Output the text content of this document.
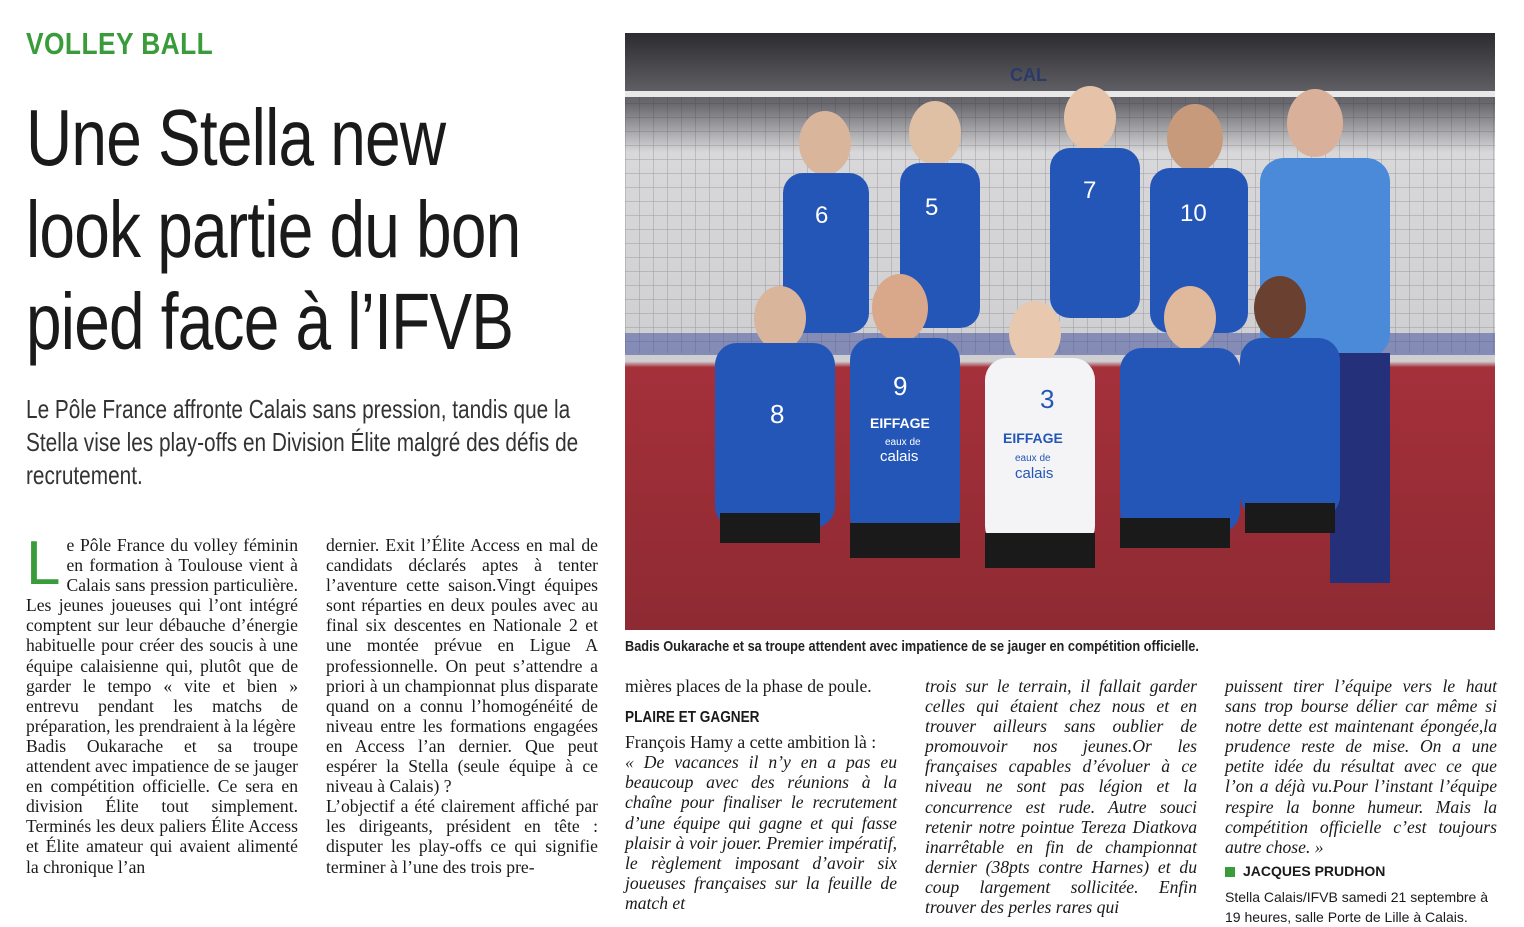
VOLLEY BALL
Une Stella new look partie du bon pied face à l’IFVB

Le Pôle France affronte Calais sans pression, tandis que la Stella vise les play-offs en Division Élite malgré des défis de recrutement.

L e Pôle France du volley féminin en formation à Toulouse vient à Calais sans pression particulière. Les jeunes joueuses qui l’ont intégré comptent sur leur débauche d’énergie habituelle pour créer des soucis à une équipe calaisienne qui, plutôt que de garder le tempo « vite et bien » entrevu pendant les matchs de préparation, les prendraient à la légère

Badis Oukarache et sa troupe attendent avec impatience de se jauger en compétition officielle. Ce sera en division Élite tout simplement. Terminés les deux paliers Élite Access et Élite amateur qui avaient alimenté la chronique l’an

dernier. Exit l’Élite Access en mal de candidats déclarés aptes à tenter l’aventure cette saison.Vingt équipes sont réparties en deux poules avec au final six descentes en Nationale 2 et une montée prévue en Ligue A professionnelle. On peut s’attendre a priori à un championnat plus disparate quand on a connu l’homogénéité de niveau entre les formations engagées en Access l’an dernier. Que peut espérer la Stella (seule équipe à ce niveau à Calais) ?

L’objectif a été clairement affiché par les dirigeants, président en tête : disputer les play-offs ce qui signifie terminer à l’une des trois pre-

CAL
6	5
7
10
8
9
EIFFAGE
eaux de
calais
3
EIFFAGE
eaux de
calais
Badis Oukarache et sa troupe attendent avec impatience de se jauger en compétition officielle.

mières places de la phase de poule.

PLAIRE ET GAGNER

François Hamy a cette ambition là :

« De vacances il n’y en a pas eu beaucoup avec des réunions à la chaîne pour finaliser le recrutement d’une équipe qui gagne et qui fasse plaisir à voir jouer. Premier impératif, le règlement imposant d’avoir six joueuses françaises sur la feuille de match et

trois sur le terrain, il fallait garder celles qui étaient chez nous et en trouver ailleurs sans oublier de promouvoir nos jeunes.Or les françaises capables d’évoluer à ce niveau ne sont pas légion et la concurrence est rude. Autre souci retenir notre pointue Tereza Diatkova inarrêtable en fin de championnat dernier (38pts contre Harnes) et du coup largement sollicitée. Enfin trouver des perles rares qui

puissent tirer l’équipe vers le haut sans trop bourse délier car même si notre dette est maintenant épongée,la prudence reste de mise. On a une petite idée du résultat avec ce que l’on a déjà vu.Pour l’instant l’équipe respire la bonne humeur. Mais la compétition officielle c’est toujours autre chose. »

JACQUES PRUDHON
Stella Calais/IFVB samedi 21 septembre à 19 heures, salle Porte de Lille à Calais.
